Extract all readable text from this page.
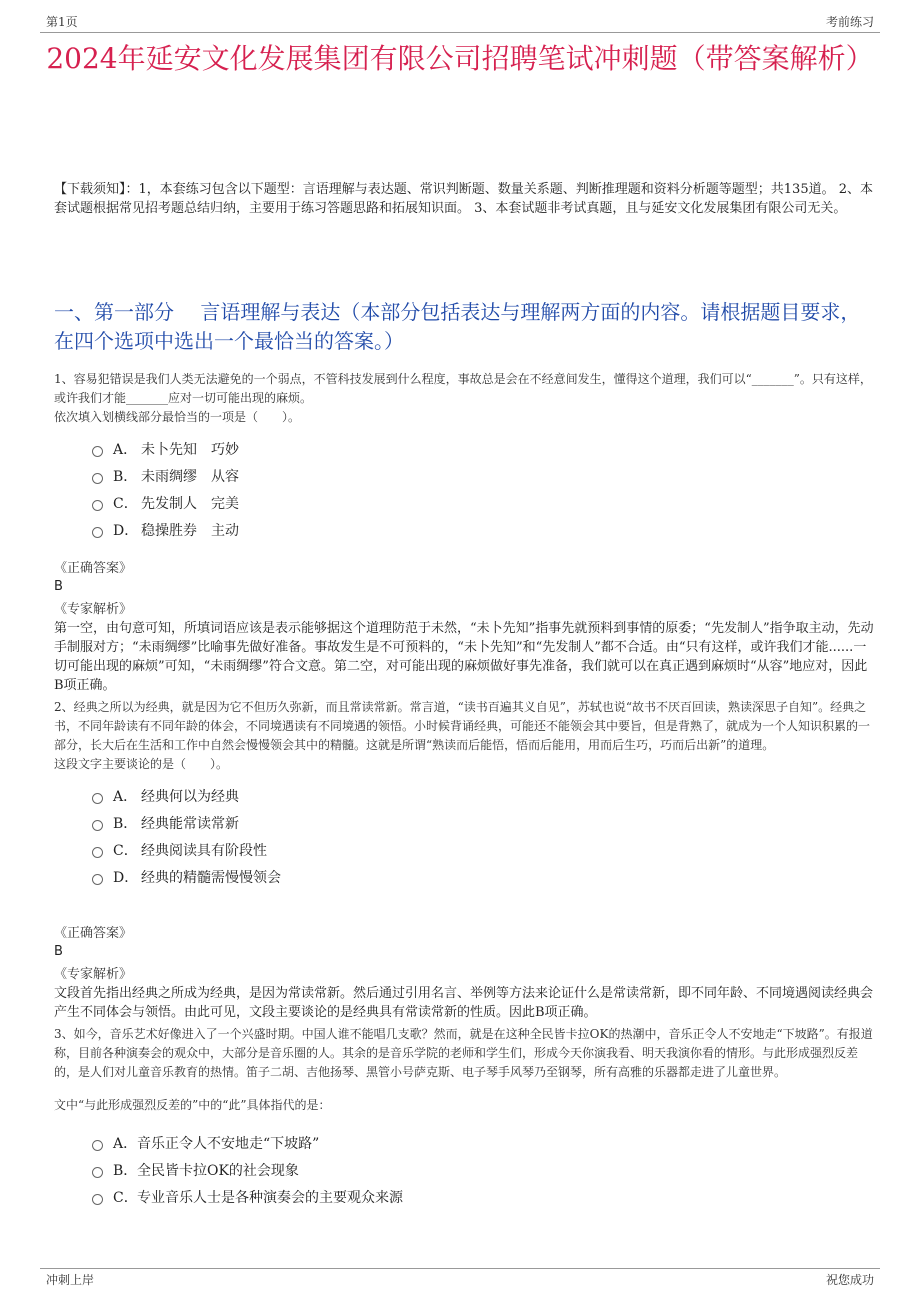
第1页	考前练习
2024年延安文化发展集团有限公司招聘笔试冲刺题（带答案解析）
【下载须知】：1，本套练习包含以下题型：言语理解与表达题、常识判断题、数量关系题、判断推理题和资料分析题等题型；共135道。 2、本套试题根据常见招考题总结归纳，主要用于练习答题思路和拓展知识面。 3、本套试题非考试真题，且与延安文化发展集团有限公司无关。
一、第一部分　 言语理解与表达（本部分包括表达与理解两方面的内容。请根据题目要求，在四个选项中选出一个最恰当的答案。）
1、容易犯错误是我们人类无法避免的一个弱点，不管科技发展到什么程度，事故总是会在不经意间发生，懂得这个道理，我们可以“_______”。只有这样，或许我们才能_______应对一切可能出现的麻烦。
依次填入划横线部分最恰当的一项是（　　）。
A． 未卜先知　巧妙
B． 未雨绸缪　从容
C． 先发制人　完美
D． 稳操胜券　主动
《正确答案》
B
《专家解析》
第一空，由句意可知，所填词语应该是表示能够据这个道理防范于未然，“未卜先知”指事先就预料到事情的原委；“先发制人”指争取主动，先动手制服对方；“未雨绸缪”比喻事先做好准备。事故发生是不可预料的，“未卜先知”和“先发制人”都不合适。由“只有这样，或许我们才能......一切可能出现的麻烦”可知，“未雨绸缪”符合文意。第二空，对可能出现的麻烦做好事先准备，我们就可以在真正遇到麻烦时“从容”地应对，因此B项正确。
2、经典之所以为经典，就是因为它不但历久弥新，而且常读常新。常言道，“读书百遍其义自见”，苏轼也说“故书不厌百回读，熟读深思子自知”。经典之书，不同年龄读有不同年龄的体会，不同境遇读有不同境遇的领悟。小时候背诵经典，可能还不能领会其中要旨，但是背熟了，就成为一个人知识积累的一部分，长大后在生活和工作中自然会慢慢领会其中的精髓。这就是所谓“熟读而后能悟，悟而后能用，用而后生巧，巧而后出新”的道理。
这段文字主要谈论的是（　　）。
A． 经典何以为经典
B． 经典能常读常新
C． 经典阅读具有阶段性
D． 经典的精髓需慢慢领会
《正确答案》
B
《专家解析》
文段首先指出经典之所成为经典，是因为常读常新。然后通过引用名言、举例等方法来论证什么是常读常新，即不同年龄、不同境遇阅读经典会产生不同体会与领悟。由此可见，文段主要谈论的是经典具有常读常新的性质。因此B项正确。
3、如今，音乐艺术好像进入了一个兴盛时期。中国人谁不能唱几支歌？然而，就是在这种全民皆卡拉OK的热潮中，音乐正令人不安地走“下坡路”。有报道称，目前各种演奏会的观众中，大部分是音乐圈的人。其余的是音乐学院的老师和学生们，形成今天你演我看、明天我演你看的情形。与此形成强烈反差的，是人们对儿童音乐教育的热情。笛子二胡、吉他扬琴、黑管小号萨克斯、电子琴手风琴乃至钢琴，所有高雅的乐器都走进了儿童世界。
文中“与此形成强烈反差的”中的“此”具体指代的是：
A． 音乐正令人不安地走“下坡路”
B． 全民皆卡拉OK的社会现象
C． 专业音乐人士是各种演奏会的主要观众来源
冲刺上岸	祝您成功
